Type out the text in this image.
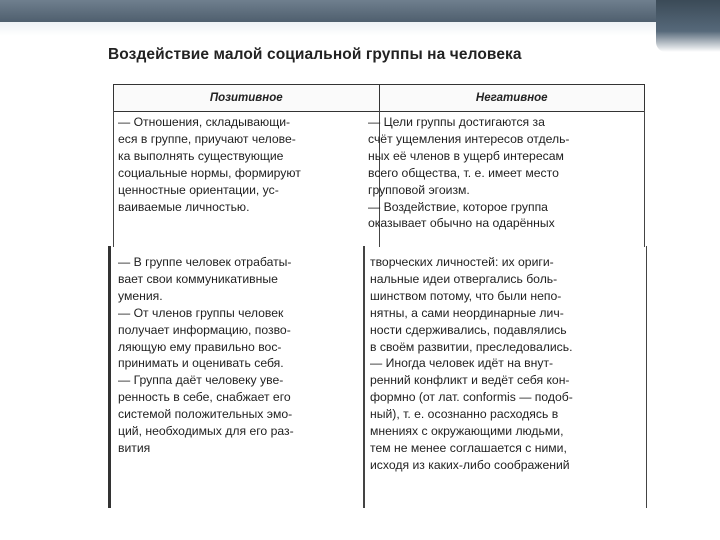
Воздействие малой социальной группы на человека
Позитивное	Негативное
— Отношения, складывающи-
еся в группе, приучают челове-
ка выполнять существующие
социальные нормы, формируют
ценностные ориентации, ус-
ваиваемые личностью.
— Цели группы достигаются за
счёт ущемления интересов отдель-
ных её членов в ущерб интересам
всего общества, т. е. имеет место
групповой эгоизм.
— Воздействие, которое группа
оказывает обычно на одарённых
— В группе человек отрабаты-
вает свои коммуникативные
умения.
— От членов группы человек
получает информацию, позво-
ляющую ему правильно вос-
принимать и оценивать себя.
— Группа даёт человеку уве-
ренность в себе, снабжает его
системой положительных эмо-
ций, необходимых для его раз-
вития
творческих личностей: их ориги-
нальные идеи отвергались боль-
шинством потому, что были непо-
нятны, а сами неординарные лич-
ности сдерживались, подавлялись
в своём развитии, преследовались.
— Иногда человек идёт на внут-
ренний конфликт и ведёт себя кон-
формно (от лат. conformis — подоб-
ный), т. е. осознанно расходясь в
мнениях с окружающими людьми,
тем не менее соглашается с ними,
исходя из каких-либо соображений
